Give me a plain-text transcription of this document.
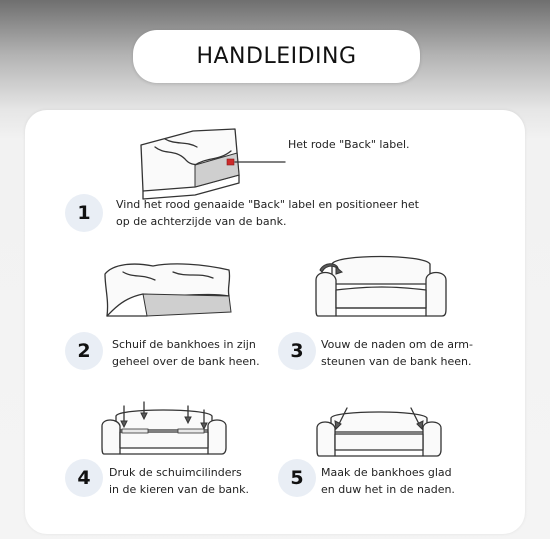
HANDLEIDING
Het rode "Back" label.
1	Vind het rood genaaide "Back" label en positioneer het
op de achterzijde van de bank.
2	Schuif de bankhoes in zijn
geheel over de bank heen.	3	Vouw de naden om de arm-
steunen van de bank heen.
4	Druk de schuimcilinders
in de kieren van de bank.
5	Maak de bankhoes glad
en duw het in de naden.
